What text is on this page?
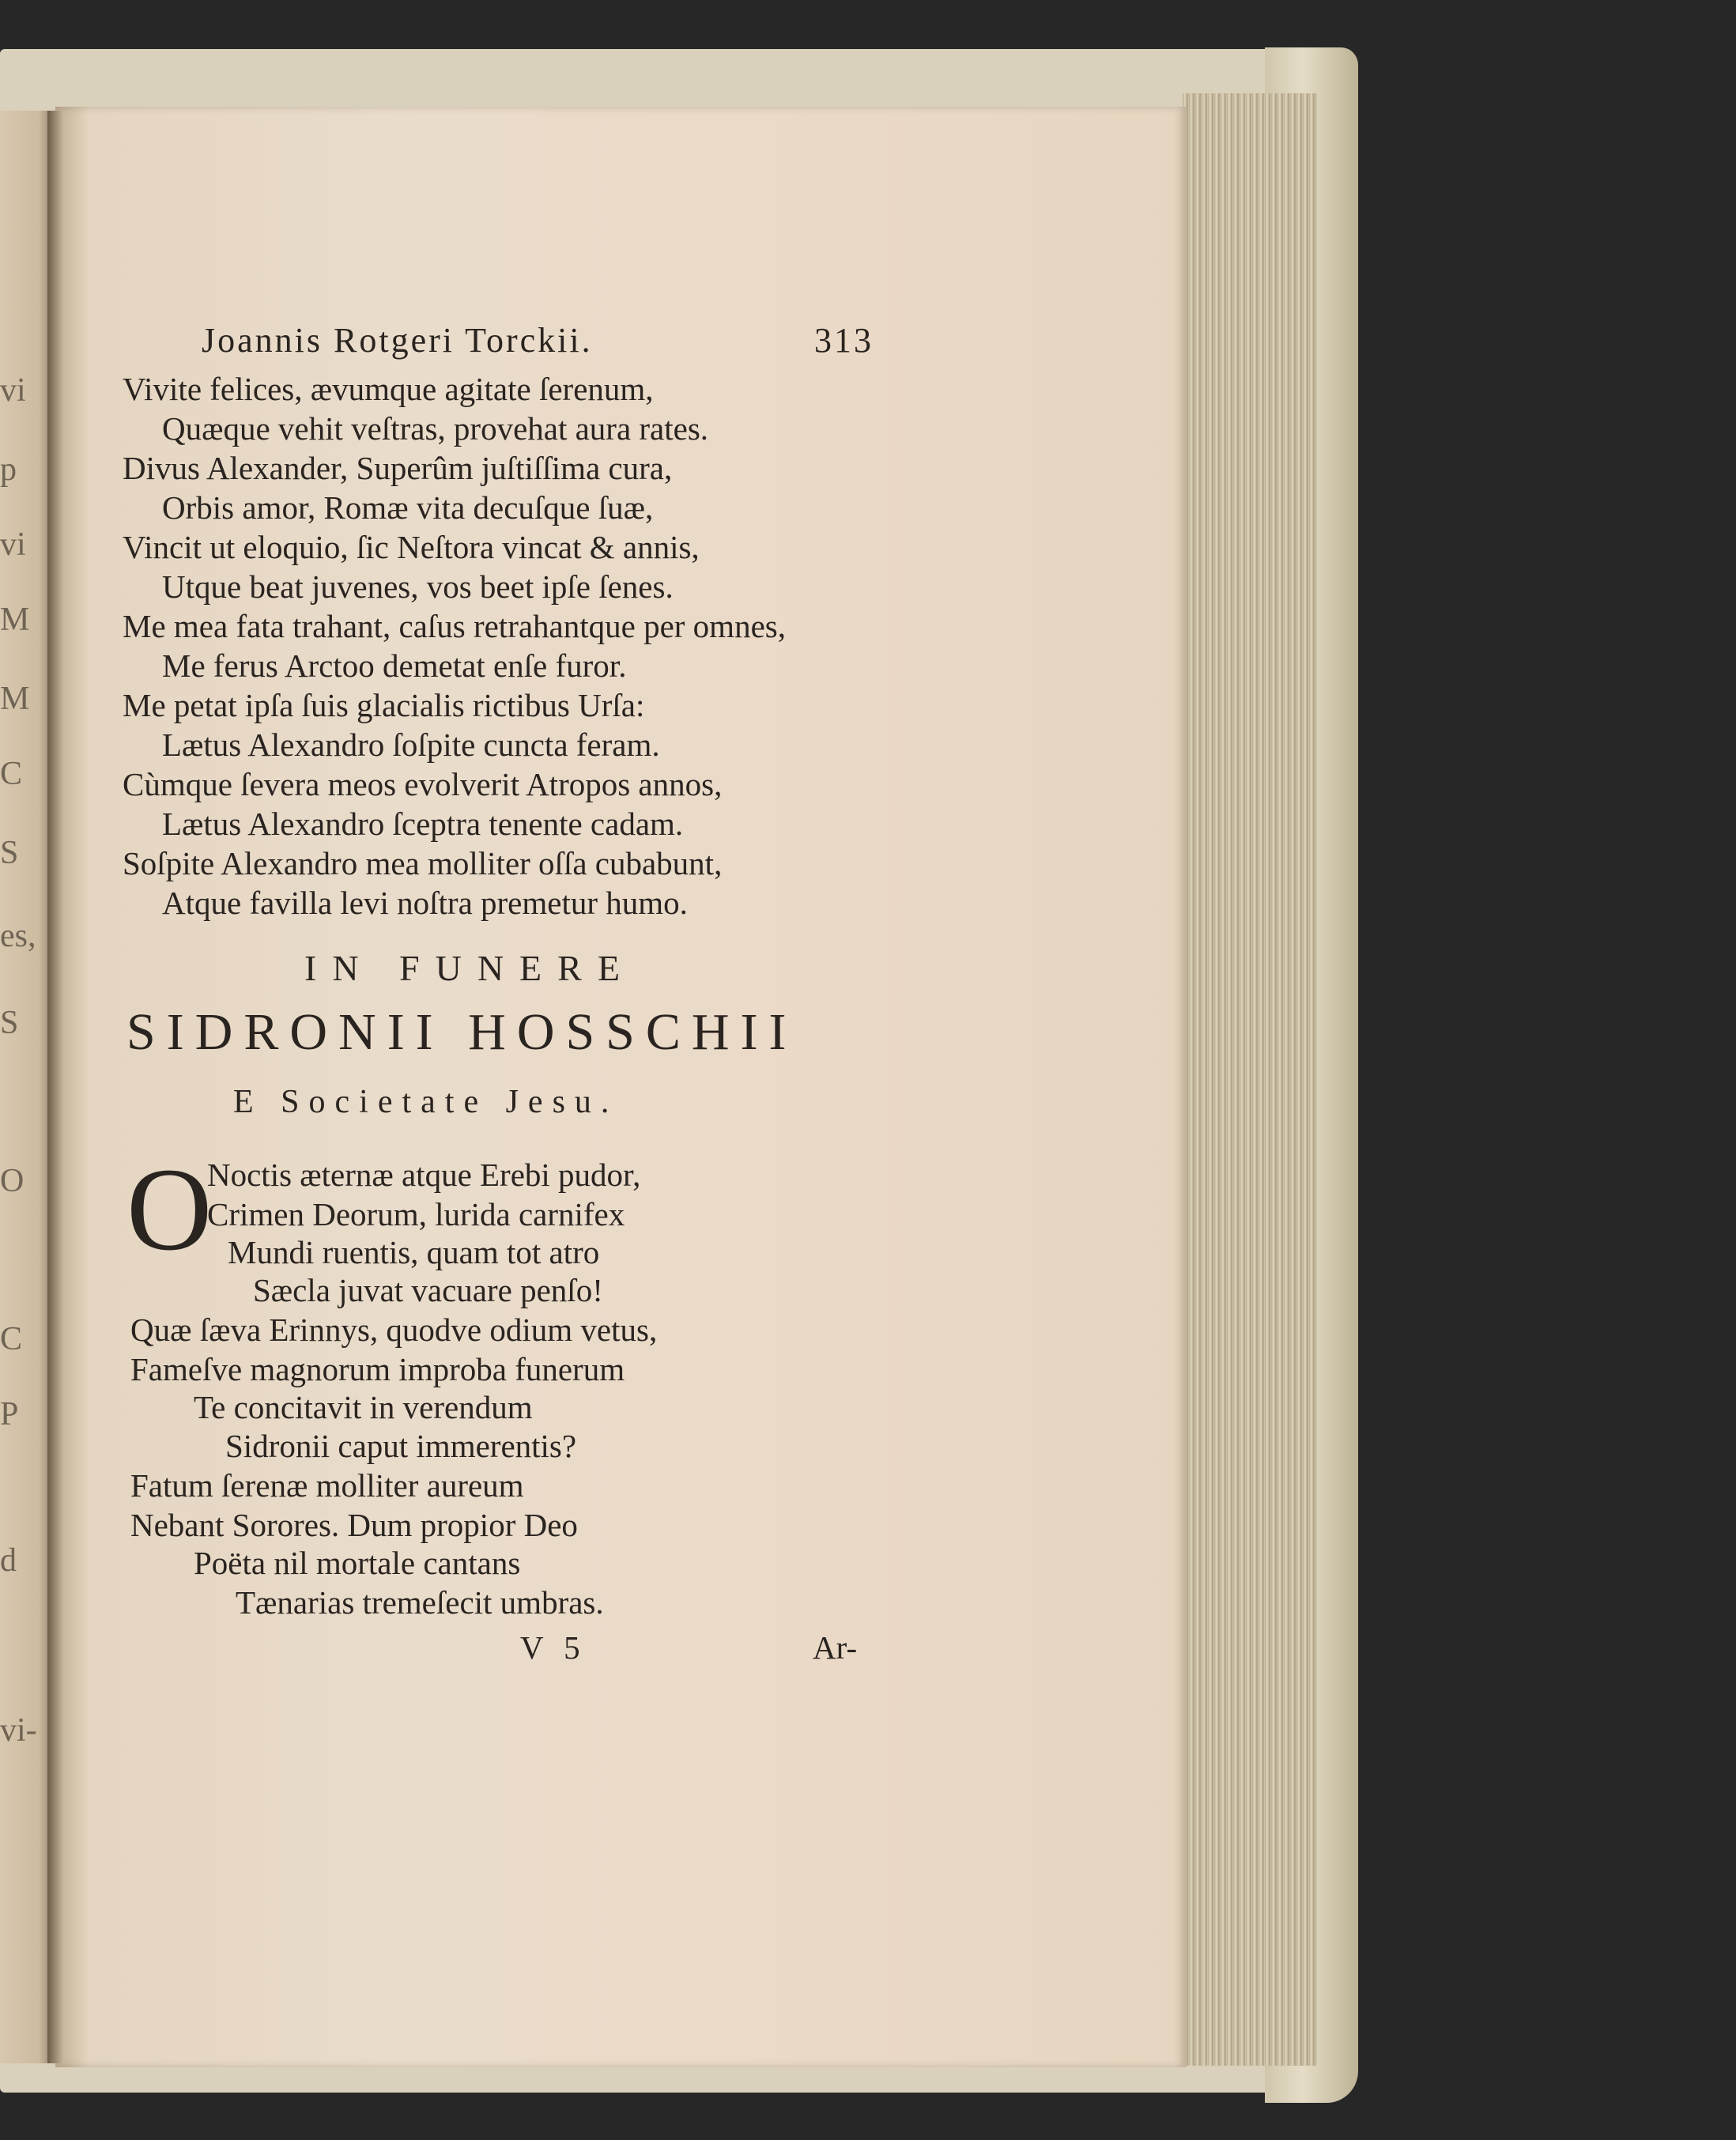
vi
p
vi
M
M
C
S
es,
S
O
C
P
d
vi-
Joannis Rotgeri Torckii.	313
Vivite felices, ævumque agitate ſerenum,
Quæque vehit veſtras, provehat aura rates.
Divus Alexander, Superûm juſtiſſima cura,
Orbis amor, Romæ vita decuſque ſuæ,
Vincit ut eloquio, ſic Neſtora vincat & annis,
Utque beat juvenes, vos beet ipſe ſenes.
Me mea fata trahant, caſus retrahantque per omnes,
Me ferus Arctoo demetat enſe furor.
Me petat ipſa ſuis glacialis rictibus Urſa:
Lætus Alexandro ſoſpite cuncta feram.
Cùmque ſevera meos evolverit Atropos annos,
Lætus Alexandro ſceptra tenente cadam.
Soſpite Alexandro mea molliter oſſa cubabunt,
Atque favilla levi noſtra premetur humo.
IN FUNERE
SIDRONII HOSSCHII
E Societate Jesu.
O
Noctis æternæ atque Erebi pudor,
Crimen Deorum, lurida carnifex
Mundi ruentis, quam tot atro
Sæcla juvat vacuare penſo!
Quæ ſæva Erinnys, quodve odium vetus,
Fameſve magnorum improba funerum
Te concitavit in verendum
Sidronii caput immerentis?
Fatum ſerenæ molliter aureum
Nebant Sorores. Dum propior Deo
Poëta nil mortale cantans
Tænarias tremeſecit umbras.
V 5	Ar-
